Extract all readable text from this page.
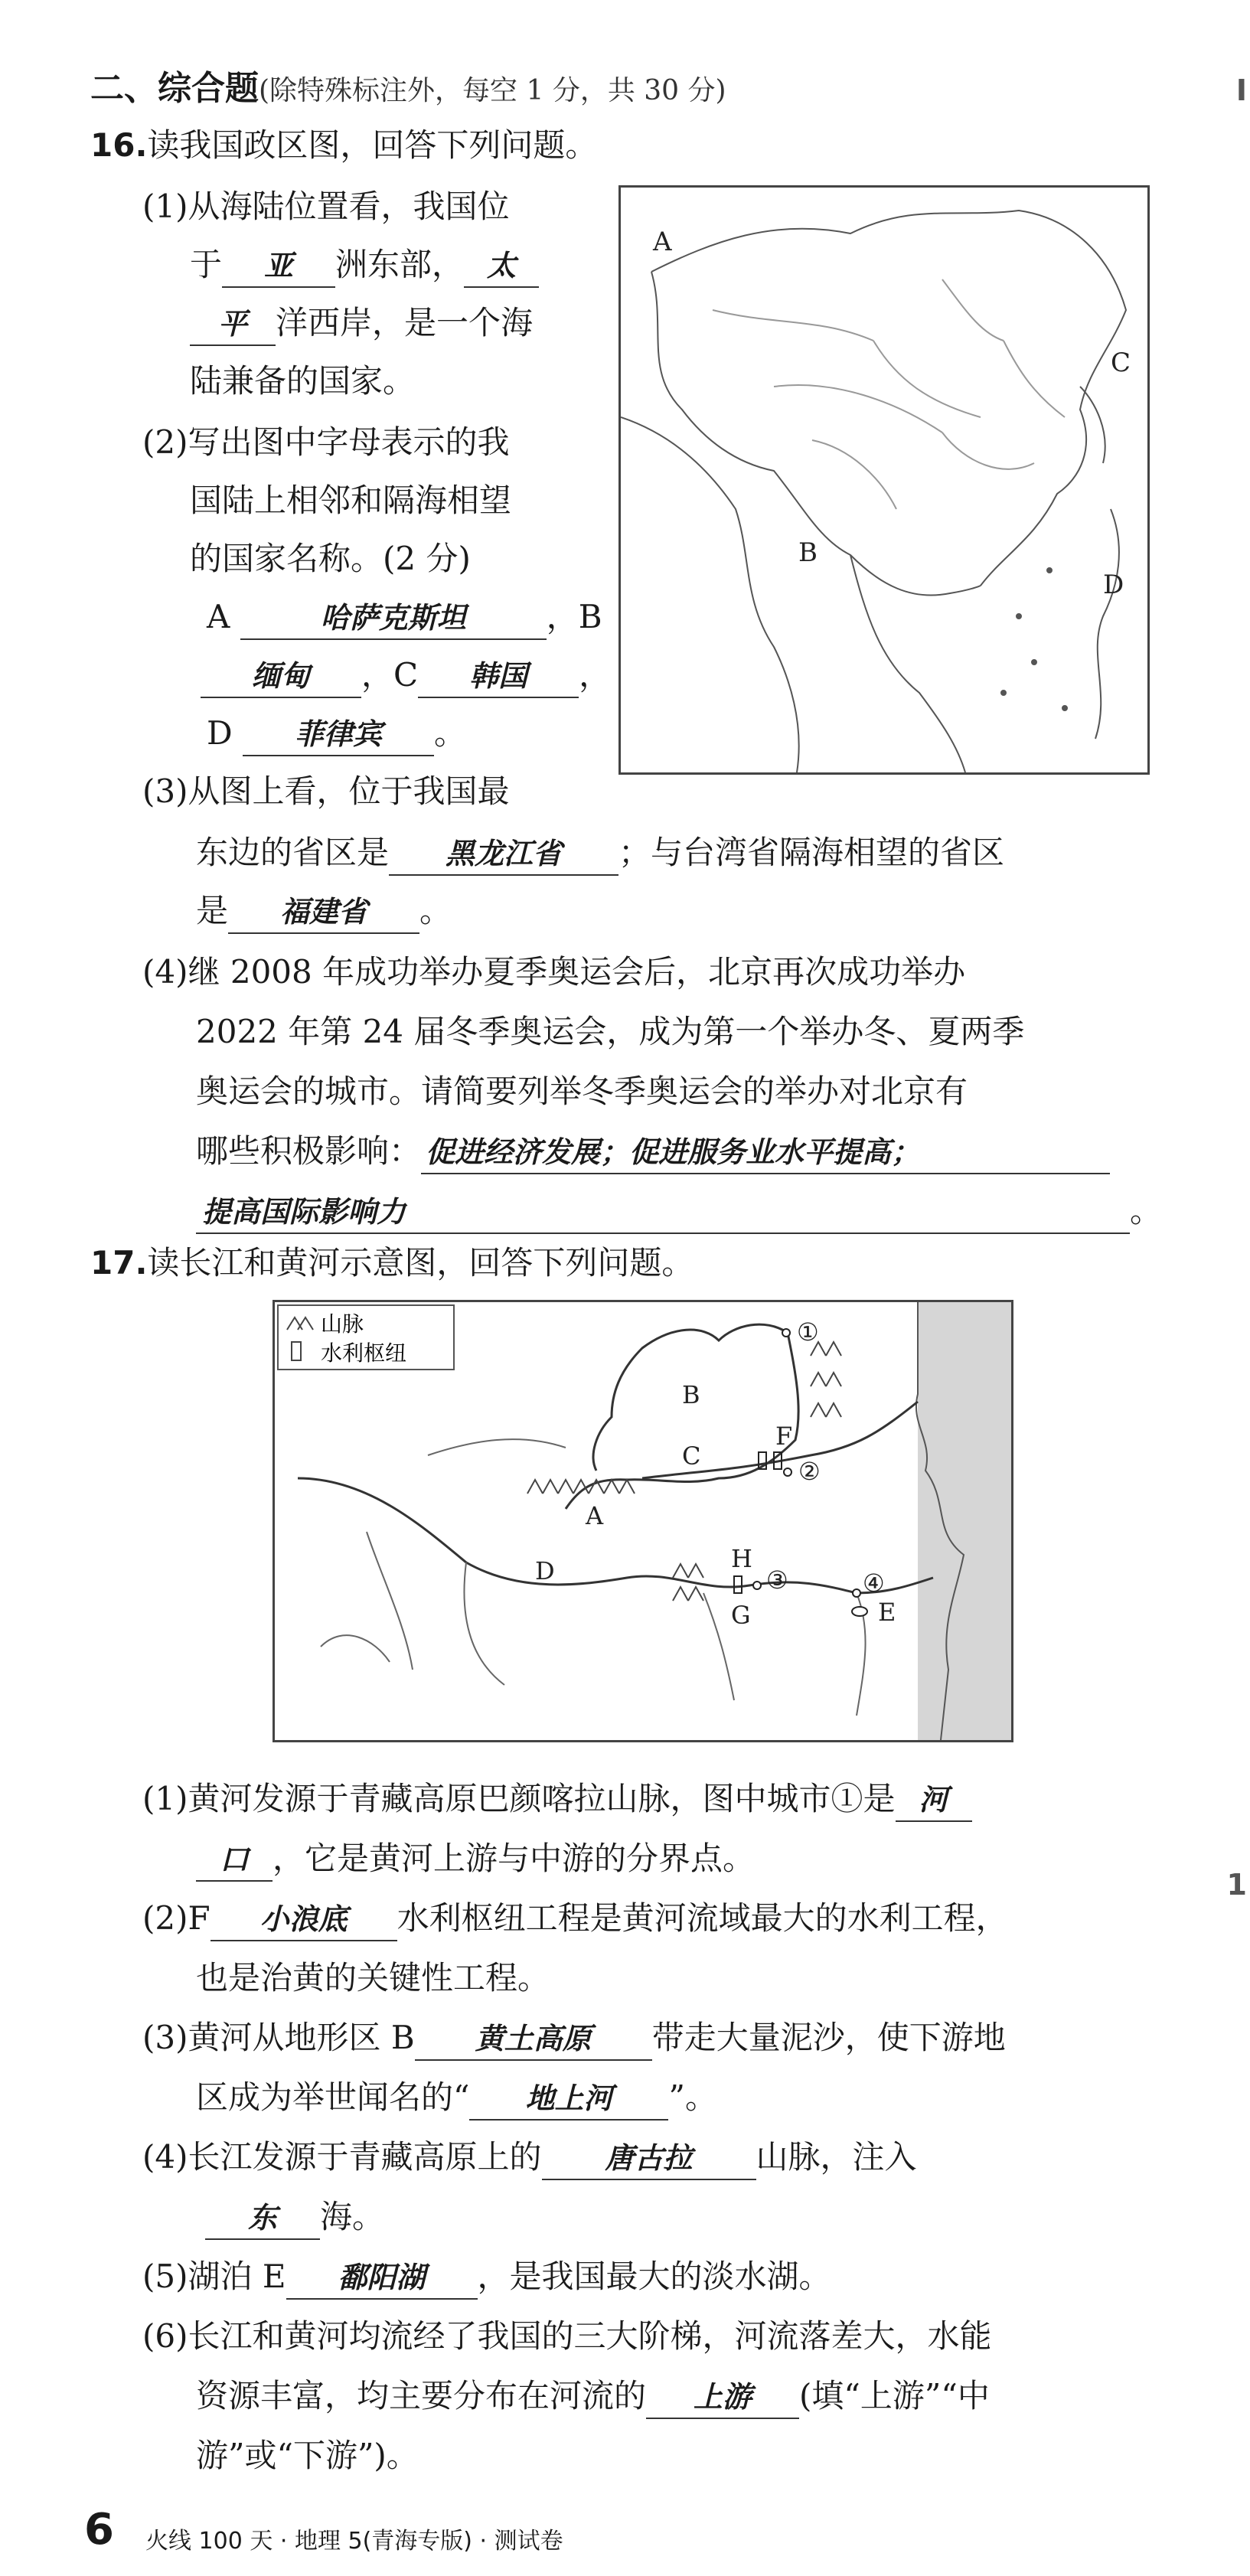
I
1
二、综合题(除特殊标注外，每空 1 分，共 30 分)
16.读我国政区图，回答下列问题。
(1)从海陆位置看，我国位
于 亚 洲东部， 太
平 洋西岸，是一个海
陆兼备的国家。
(2)写出图中字母表示的我
国陆上相邻和隔海相望
的国家名称。(2 分)
A	哈萨克斯坦	，B
缅甸 ，C 韩国 ，
D 菲律宾 。
(3)从图上看，位于我国最
东边的省区是 黑龙江省 ；与台湾省隔海相望的省区
是 福建省 。
(4)继 2008 年成功举办夏季奥运会后，北京再次成功举办
2022 年第 24 届冬季奥运会，成为第一个举办冬、夏两季
奥运会的城市。请简要列举冬季奥运会的举办对北京有
哪些积极影响： 促进经济发展；促进服务业水平提高；
提高国际影响力	。
A
B
C
D
17.读长江和黄河示意图，回答下列问题。
山脉
水利枢纽
①
②
③	④
A
B
C
D
E
F
G
H
(1)黄河发源于青藏高原巴颜喀拉山脉，图中城市①是 河
口 ，它是黄河上游与中游的分界点。
(2)F 小浪底 水利枢纽工程是黄河流域最大的水利工程，
也是治黄的关键性工程。
(3)黄河从地形区 B 黄土高原 带走大量泥沙，使下游地
区成为举世闻名的“ 地上河 ”。
(4)长江发源于青藏高原上的 唐古拉 山脉，注入
东 海。
(5)湖泊 E 鄱阳湖 ，是我国最大的淡水湖。
(6)长江和黄河均流经了我国的三大阶梯，河流落差大，水能
资源丰富，均主要分布在河流的 上游 (填“上游”“中
游”或“下游”)。
6 火线 100 天 · 地理 5(青海专版) · 测试卷
